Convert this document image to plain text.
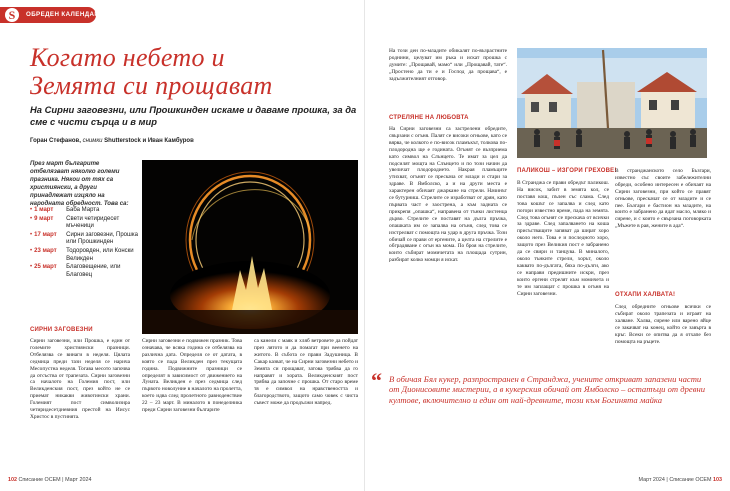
S	ОБРЕДЕН КАЛЕНДАР
Когато небето и
Земята си прощават
На Сирни заговезни, или Прошкинден искаме и даваме прошка, за да сме с чисти сърца и в мир
Горан Стефанов, снимки Shutterstock и Иван Камбуров
През март българите отбелязват няколко големи празника. Някои от тях са християнски, а други принадлежат изцяло на народната обредност. Това са:
• 1 март	Баба Марта
• 9 март	Свети четиридесет мъченици
• 17 март	Сирни заговезни, Прошка или Прошкинден
• 23 март	Тодоровден, или Конски Великден
• 25 март	Благовещение, или Благовец
СИРНИ ЗАГОВЕЗНИ
Сирни заговезни, или Прошка, е един от големите християнски празници. Отбелязва се винаги в неделя. Цялата седмица преди тази неделя се нарича Месопустна неделя. Тогава месото започва да отсъства от трапезата. Сирни заговезни са началото на Големия пост, или Великденския пост, през който не се приемат никакви животински храни. Големият пост символизира четиридесетдневния престой на Иисус Христос в пустинята.
Сирни заговезни е подвижен празник. Това означава, че всяка година се отбелязва на различна дата. Определя се от датата, в която се пада Великден през текущата година. Подвижните празници се определят в зависимост от движението на Луната. Великден е през седмица след първото новолуние в началото на пролетта, което идва след пролетното равноденствие 22 – 23 март. В миналото в понеделника преди Сирни заговезни българите
са канели с маяк и хляб ветровете да пойдат през лятото и да помагат при веенето на житото. В събота се прави Задушница. В Сакар казват, че на Сирни заговезни небето и Земята си прощават, затова трябва да го направят и хората. Великденският пост трябва да започне с прошка. От старо време тя е символ на нравствеността и благородството, защото само човек с чиста съвест може да продължи напред.
102 Списание ОСЕМ | Март 2024
На този ден по-младите обикалят по-възрастните роднини, целуват им ръка и искат прошка с думите: „Прощавай, мамо“ или „Прощавай, тате“. „Простено да ти е и Господ да прощава“, е задължителният отговор.
СТРЕЛЯНЕ НА ЛЮБОВТА
На Сирни заговезни са застрелени обредите, свързани с огъня. Палят се високи огньове, като се вярва, че колкото е по-висок пламъкът, толкова по-плодородна ще е годината. Огънят се възприема като символ на Слънцето. Те имат за цел да подсилят мощта на Слънцето и по този начин да увеличат плодородието. Накрая пламъците утихват, огънят се прескача от млади и стари за здраве. В Ямболско, а и на други места е характерен обичаят джаркане на стрели. Начинът се бутурниш. Стрелите се изработват от дрян, като първата част е заострена, а към задната се прикрепя „опашка“, направена от тънки листенца дърво. Стрелите се поставят на дълга пръчка, опашката им се запалва на огъня, след това се изстрелват с помощта на удар в друга пръчка. Този обичай се прави от ергените, а целта на стрелите е обградяване с огън на мома. По броя на стрелите, които събират момичетата на площада сутрин, разбират колко момци я искат.
ПАЛИКОШ – ИЗГОРИ ГРЕХОВЕ!
В Странджа се прави обредът паликош. На висок, забит в земята кол, се поставя кош, пълен със слама. След това кошът се запалва и след като погори известно време, пада на земята. След това огънят се прескача от всички за здраве. След запалването на коша присъстващите запяват да шират хоро около него. Това е и последното хоро, защото през Великия пост е забранено да се свири и танцува. В миналото, около тънките стрели, хорът, около каквато по-дългата, бяха по-дълги, ако се направи предишните искри, през които ергени стрелят към момичета и те им заплащат с прошка в огъня на Сирни заговезни.
В странджанското село Бъзгари, известно със своите забележителни обреди, особено интересен е обичаят на Сирни заговезни, при който се правят огньове, прескачат се от младите и се пее. Бъзгари е бастион на младите, на които е забранено да ядат масло, мляко и сирене, и с които е свързана поговорката „Мъжете в рая, жените в ада“.
ОТХАПИ ХАЛВАТА!
След обредните огньове всички се събират около трапезата и играят на халване. Халва, сирене или варено яйце се закачват на конец, който се завърта в кръг. Всеки се опитва да я отхапе без помощта на ръцете.
“ В обичая Бял кукер, разпространен в Странджа, учените откриват запазени части от Дионисовите мистерии, а в кукерския обичай от Ямболско – остатъци от древни култове, включително и един от най-древните, този към Богинята майка
Март 2024 | Списание ОСЕМ 103
